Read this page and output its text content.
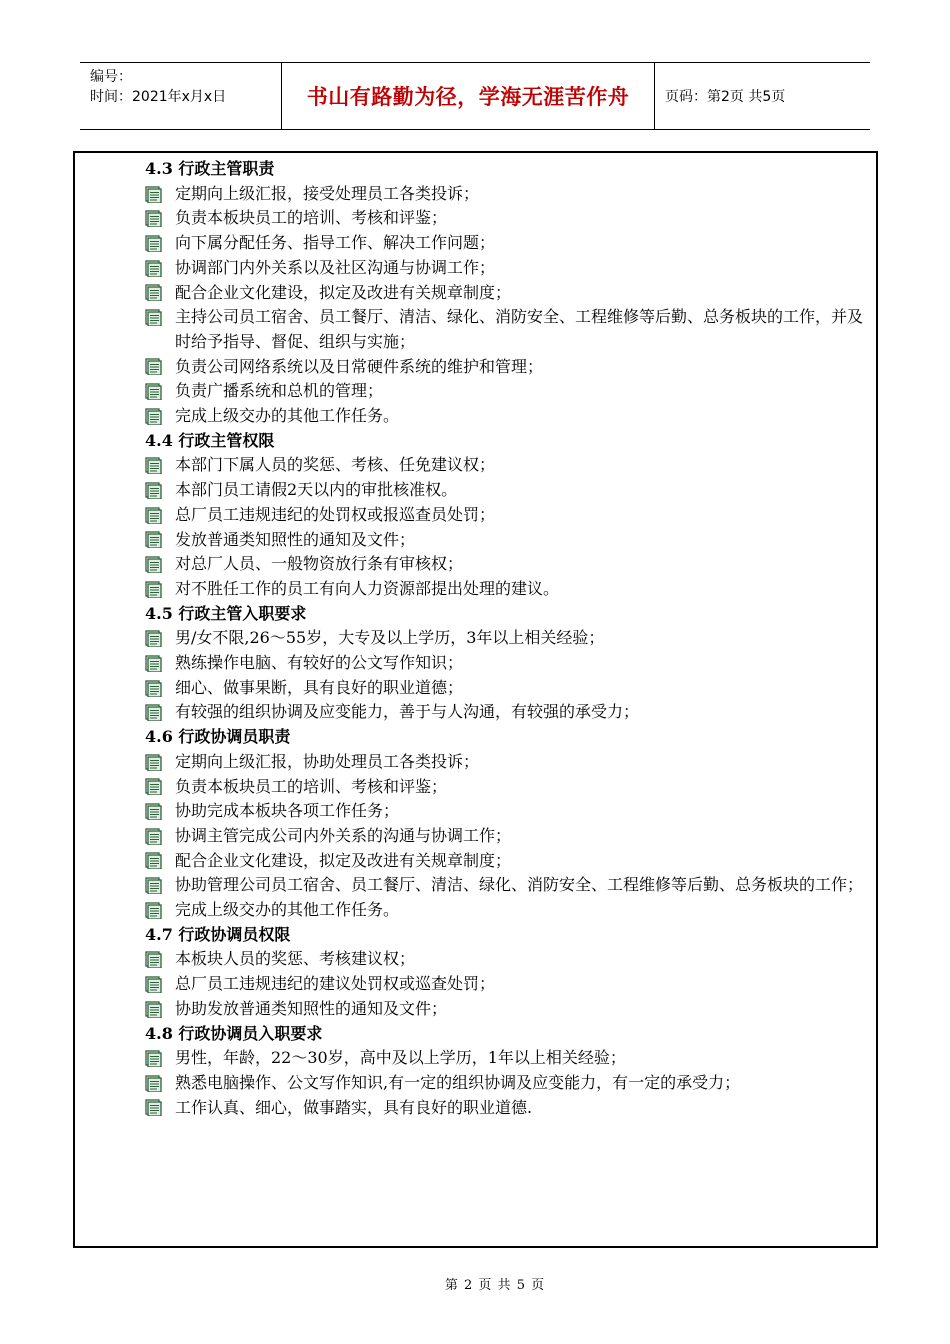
编号：
时间：2021年x月x日	书山有路勤为径，学海无涯苦作舟	页码：第2页 共5页
4.3 行政主管职责
定期向上级汇报，接受处理员工各类投诉；
负责本板块员工的培训、考核和评鉴；
向下属分配任务、指导工作、解决工作问题；
协调部门内外关系以及社区沟通与协调工作；
配合企业文化建设，拟定及改进有关规章制度；
主持公司员工宿舍、员工餐厅、清洁、绿化、消防安全、工程维修等后勤、总务板块的工作，并及时给予指导、督促、组织与实施；
负责公司网络系统以及日常硬件系统的维护和管理；
负责广播系统和总机的管理；
完成上级交办的其他工作任务。
4.4 行政主管权限
本部门下属人员的奖惩、考核、任免建议权；
本部门员工请假2天以内的审批核准权。
总厂员工违规违纪的处罚权或报巡查员处罚；
发放普通类知照性的通知及文件；
对总厂人员、一般物资放行条有审核权；
对不胜任工作的员工有向人力资源部提出处理的建议。
4.5 行政主管入职要求
男/女不限,26～55岁，大专及以上学历，3年以上相关经验；
熟练操作电脑、有较好的公文写作知识；
细心、做事果断，具有良好的职业道德；
有较强的组织协调及应变能力，善于与人沟通，有较强的承受力；
4.6 行政协调员职责
定期向上级汇报，协助处理员工各类投诉；
负责本板块员工的培训、考核和评鉴；
协助完成本板块各项工作任务；
协调主管完成公司内外关系的沟通与协调工作；
配合企业文化建设，拟定及改进有关规章制度；
协助管理公司员工宿舍、员工餐厅、清洁、绿化、消防安全、工程维修等后勤、总务板块的工作；
完成上级交办的其他工作任务。
4.7 行政协调员权限
本板块人员的奖惩、考核建议权；
总厂员工违规违纪的建议处罚权或巡查处罚；
协助发放普通类知照性的通知及文件；
4.8 行政协调员入职要求
男性，年龄，22～30岁，高中及以上学历，1年以上相关经验；
熟悉电脑操作、公文写作知识,有一定的组织协调及应变能力，有一定的承受力；
工作认真、细心，做事踏实，具有良好的职业道德.
第 2 页 共 5 页
